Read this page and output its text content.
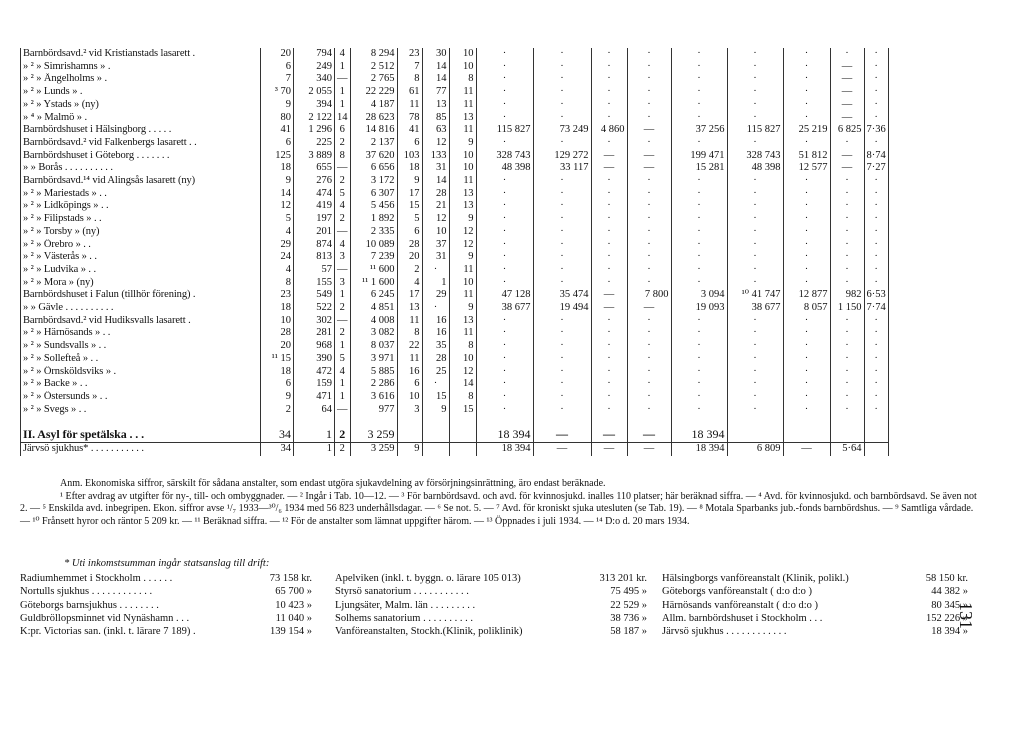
Barnbördsavd.² vid Kristianstads lasarett .	20	794	4	8 294	23	30	10	·	·	·	·	·	·	·	·	·
» ² » Simrishamns » .	6	249	1	2 512	7	14	10	·	·	·	·	·	·	·	—	·
» ² » Ängelholms » .	7	340	—	2 765	8	14	8	·	·	·	·	·	·	·	—	·
» ² » Lunds » .	³ 70	2 055	1	22 229	61	77	11	·	·	·	·	·	·	·	—	·
» ² » Ystads » (ny)	9	394	1	4 187	11	13	11	·	·	·	·	·	·	·	—	·
» ⁴ » Malmö » .	80	2 122	14	28 623	78	85	13	·	·	·	·	·	·	·	—	·
Barnbördshuset i Hälsingborg . . . . .	41	1 296	6	14 816	41	63	11	115 827	73 249	4 860	—	37 256	115 827	25 219	6 825	7·36
Barnbördsavd.² vid Falkenbergs lasarett . .	6	225	2	2 137	6	12	9	·	·	·	·	·	·	·	·	·
Barnbördshuset i Göteborg . . . . . . .	125	3 889	8	37 620	103	133	10	328 743	129 272	—	—	199 471	328 743	51 812	—	8·74
» » Borås . . . . . . . . . .	18	655	—	6 656	18	31	10	48 398	33 117	—	—	15 281	48 398	12 577	—	7·27
Barnbördsavd.¹⁴ vid Alingsås lasarett (ny)	9	276	2	3 172	9	14	11	·	·	·	·	·	·	·	·	·
» ² » Mariestads » . .	14	474	5	6 307	17	28	13	·	·	·	·	·	·	·	·	·
» ² » Lidköpings » . .	12	419	4	5 456	15	21	13	·	·	·	·	·	·	·	·	·
» ² » Filipstads » . .	5	197	2	1 892	5	12	9	·	·	·	·	·	·	·	·	·
» ² » Torsby » (ny)	4	201	—	2 335	6	10	12	·	·	·	·	·	·	·	·	·
» ² » Örebro » . .	29	874	4	10 089	28	37	12	·	·	·	·	·	·	·	·	·
» ² » Västerås » . .	24	813	3	7 239	20	31	9	·	·	·	·	·	·	·	·	·
» ² » Ludvika » . .	4	57	—	¹¹ 600	2	·	11	·	·	·	·	·	·	·	·	·
» ² » Mora » (ny)	8	155	3	¹¹ 1 600	4	1	10	·	·	·	·	·	·	·	·	·
Barnbördshuset i Falun (tillhör förening) .	23	549	1	6 245	17	29	11	47 128	35 474	—	7 800	3 094	¹⁰ 41 747	12 877	982	6·53
» » Gävle . . . . . . . . . .	18	522	2	4 851	13	·	9	38 677	19 494	—	—	19 093	38 677	8 057	1 150	7·74
Barnbördsavd.² vid Hudiksvalls lasarett .	10	302	—	4 008	11	16	13	·	·	·	·	·	·	·	·	·
» ² » Härnösands » . .	28	281	2	3 082	8	16	11	·	·	·	·	·	·	·	·	·
» ² » Sundsvalls » . .	20	968	1	8 037	22	35	8	·	·	·	·	·	·	·	·	·
» ² » Sollefteå » . .	¹¹ 15	390	5	3 971	11	28	10	·	·	·	·	·	·	·	·	·
» ² » Örnsköldsviks » .	18	472	4	5 885	16	25	12	·	·	·	·	·	·	·	·	·
» ² » Backe » . .	6	159	1	2 286	6	·	14	·	·	·	·	·	·	·	·	·
» ² » Östersunds » . .	9	471	1	3 616	10	15	8	·	·	·	·	·	·	·	·	·
» ² » Svegs » . .	2	64	—	977	3	9	15	·	·	·	·	·	·	·	·	·

II. Asyl för spetälska . . .	34	1	2	3 259				18 394	—	—	—	18 394				
Järvsö sjukhus* . . . . . . . . . . .	34	1	2	3 259	9			18 394	—	—	—	18 394	6 809	—	5·64	

Anm. Ekonomiska siffror, särskilt för sådana anstalter, som endast utgöra sjukavdelning av försörjningsinrättning, äro endast beräknade.

¹ Efter avdrag av utgifter för ny-, till- och ombyggnader. — ² Ingår i Tab. 10—12. — ³ För barnbördsavd. och avd. för kvinnosjukd. inalles 110 platser; här beräknad siffra. — ⁴ Avd. för kvinnosjukd. och barnbördsavd. Se även not 2. — ⁵ Enskilda avd. inbegripen. Ekon. siffror avse ¹/₇ 1933—³⁰/₆ 1934 med 56 823 underhållsdagar. — ⁶ Se not. 5. — ⁷ Avd. för kroniskt sjuka utesluten (se Tab. 19). — ⁸ Motala Sparbanks jub.-fonds barnbördshus. — ⁹ Samtliga vårdade. — ¹⁰ Frånsett hyror och räntor 5 209 kr. — ¹¹ Beräknad siffra. — ¹² För de anstalter som lämnat uppgifter härom. — ¹³ Öppnades i juli 1934. — ¹⁴ D:o d. 20 mars 1934.

* Uti inkomstsumman ingår statsanslag till drift:
Radiumhemmet i Stockholm . . . . . .	73 158 kr.
Nortulls sjukhus . . . . . . . . . . . .	65 700 »
Göteborgs barnsjukhus . . . . . . . .	10 423 »
Guldbröllopsminnet vid Nynäshamn . . .	11 040 »
K:pr. Victorias san. (inkl. t. lärare 7 189) .	139 154 »
Apelviken (inkl. t. byggn. o. lärare 105 013)	313 201 kr.
Styrsö sanatorium . . . . . . . . . . .	75 495 »
Ljungsäter, Malm. län . . . . . . . . .	22 529 »
Solhems sanatorium . . . . . . . . . .	38 736 »
Vanföreanstalten, Stockh.(Klinik, poliklinik)	58 187 »
Hälsingborgs vanföreanstalt (Klinik, polikl.)	58 150 kr.
Göteborgs vanföreanstalt ( d:o d:o )	44 382 »
Härnösands vanföreanstalt ( d:o d:o )	80 345 »
Allm. barnbördshuset i Stockholm . . .	152 226 »
Järvsö sjukhus . . . . . . . . . . . .	18 394 »
131
